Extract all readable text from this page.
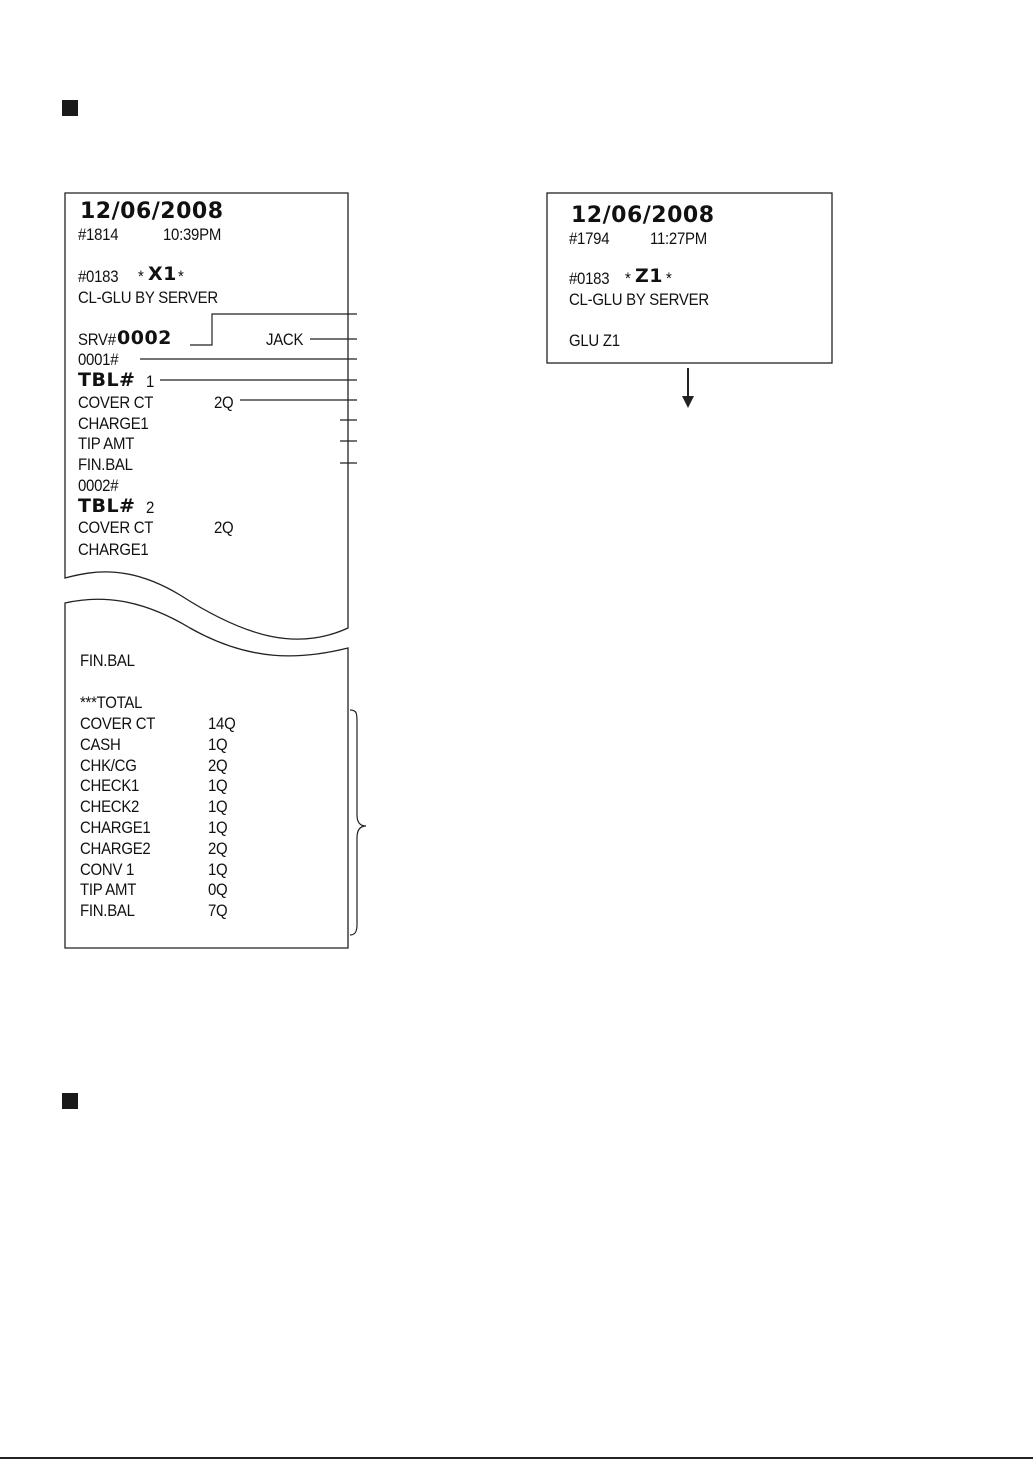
12/06/2008
#1814	10:39PM
#0183 * X1 *
CL-GLU BY SERVER
SRV# 0002	JACK
0001#
TBL# 1
COVER CT	2Q
CHARGE1
TIP AMT
FIN.BAL
0002#
TBL# 2
COVER CT	2Q
CHARGE1
FIN.BAL
***TOTAL
COVER CT	14Q
CASH	1Q
CHK/CG	2Q
CHECK1	1Q
CHECK2	1Q
CHARGE1	1Q
CHARGE2	2Q
CONV 1	1Q
TIP AMT	0Q
FIN.BAL	7Q
12/06/2008
#1794 11:27PM
#0183 * Z1 *
CL-GLU BY SERVER
GLU Z1
